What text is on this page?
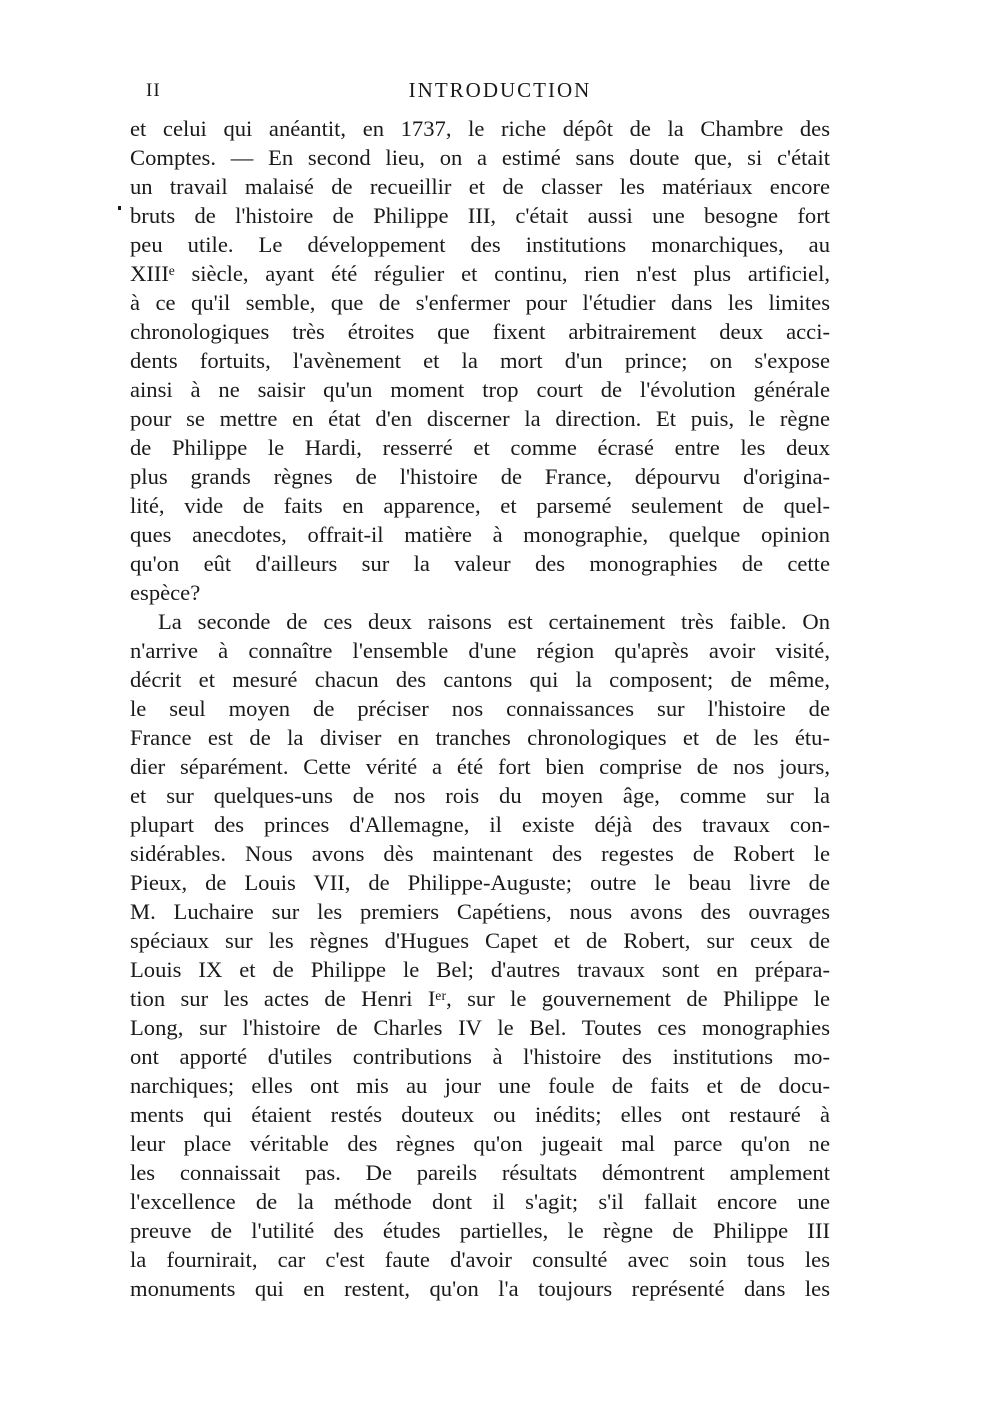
II	INTRODUCTION
et celui qui anéantit, en 1737, le riche dépôt de la Chambre des
Comptes. — En second lieu, on a estimé sans doute que, si c'était
un travail malaisé de recueillir et de classer les matériaux encore
bruts de l'histoire de Philippe III, c'était aussi une besogne fort
peu utile. Le développement des institutions monarchiques, au
XIIIᵉ siècle, ayant été régulier et continu, rien n'est plus artificiel,
à ce qu'il semble, que de s'enfermer pour l'étudier dans les limites
chronologiques très étroites que fixent arbitrairement deux acci-
dents fortuits, l'avènement et la mort d'un prince; on s'expose
ainsi à ne saisir qu'un moment trop court de l'évolution générale
pour se mettre en état d'en discerner la direction. Et puis, le règne
de Philippe le Hardi, resserré et comme écrasé entre les deux
plus grands règnes de l'histoire de France, dépourvu d'origina-
lité, vide de faits en apparence, et parsemé seulement de quel-
ques anecdotes, offrait-il matière à monographie, quelque opinion
qu'on eût d'ailleurs sur la valeur des monographies de cette
espèce?
La seconde de ces deux raisons est certainement très faible. On
n'arrive à connaître l'ensemble d'une région qu'après avoir visité,
décrit et mesuré chacun des cantons qui la composent; de même,
le seul moyen de préciser nos connaissances sur l'histoire de
France est de la diviser en tranches chronologiques et de les étu-
dier séparément. Cette vérité a été fort bien comprise de nos jours,
et sur quelques-uns de nos rois du moyen âge, comme sur la
plupart des princes d'Allemagne, il existe déjà des travaux con-
sidérables. Nous avons dès maintenant des regestes de Robert le
Pieux, de Louis VII, de Philippe-Auguste; outre le beau livre de
M. Luchaire sur les premiers Capétiens, nous avons des ouvrages
spéciaux sur les règnes d'Hugues Capet et de Robert, sur ceux de
Louis IX et de Philippe le Bel; d'autres travaux sont en prépara-
tion sur les actes de Henri Iᵉʳ, sur le gouvernement de Philippe le
Long, sur l'histoire de Charles IV le Bel. Toutes ces monographies
ont apporté d'utiles contributions à l'histoire des institutions mo-
narchiques; elles ont mis au jour une foule de faits et de docu-
ments qui étaient restés douteux ou inédits; elles ont restauré à
leur place véritable des règnes qu'on jugeait mal parce qu'on ne
les connaissait pas. De pareils résultats démontrent amplement
l'excellence de la méthode dont il s'agit; s'il fallait encore une
preuve de l'utilité des études partielles, le règne de Philippe III
la fournirait, car c'est faute d'avoir consulté avec soin tous les
monuments qui en restent, qu'on l'a toujours représenté dans les
